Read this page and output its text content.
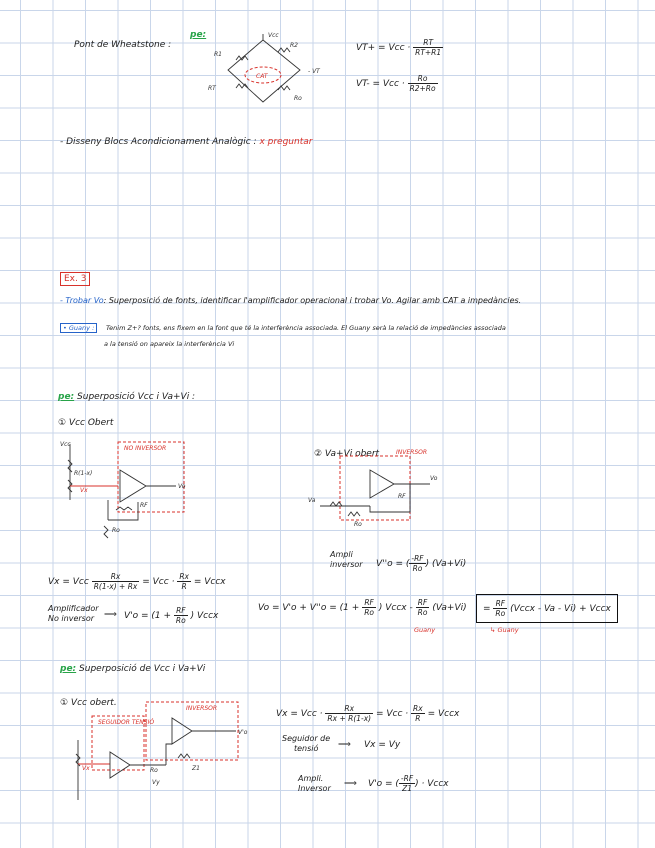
pe:
Pont de Wheatstone :
Vcc
R2
R1
RT
Ro
- VT
CAT
VT+ = Vcc · $\frac{RT}{RT+R1}$
VT- = Vcc · $\frac{Ro}{R2+Ro}$
- Disseny Blocs Acondicionament Analògic : x preguntar
Ex. 3
- Trobar Vo: Superposició de fonts, identificar l'amplificador operacional i trobar Vo. Agilar amb CAT a impedàncies.
• Guany :	Tenim Z+? fonts, ens fixem en la font que té la interferència associada. El Guany serà la relació de impedàncies associada
a la tensió on apareix la interferència Vi
pe: Superposició Vcc i Va+Vi :
① Vcc Obert
② Va+Vi obert
NO INVERSOR
Vcc
R(1-x)
Vx
RF
Ro
Vo
INVERSOR
Va
Ro
RF
Vo
Ampli
inversor V''o = ( $\frac{-RF}{Ro}$ ) (Va+Vi)
Vx = Vcc $\frac{Rx}{R(1-x) + Rx}$ = Vcc · $\frac{Rx}{R}$ = Vccx
Amplificador
No inversor	⟹ $V'o = (1 + \frac{RF}{Ro}$ ) Vccx
$Vo = V'o + V''o = (1 + \frac{RF}{Ro}$ ) Vccx - $\frac{RF}{Ro} (Va+Vi)$	= $\frac{RF}{Ro}$ (Vccx - Va - Vi) + Vccx
Guany	↳ Guany
pe: Superposició de Vcc i Va+Vi
① Vcc obert.
SEGUIDOR TENSIÓ
INVERSOR
Vx	Ro	Z1
Vy
V'o
Vx = Vcc · $\frac{Rx}{Rx + R(1-x)}$ = Vcc · $\frac{Rx}{R}$ = Vccx
Seguidor de
tensió	⟹ Vx = Vy
Ampli.
Inversor ⟹ V'o = ( $\frac{-RF}{Z1}$ ) · Vccx
